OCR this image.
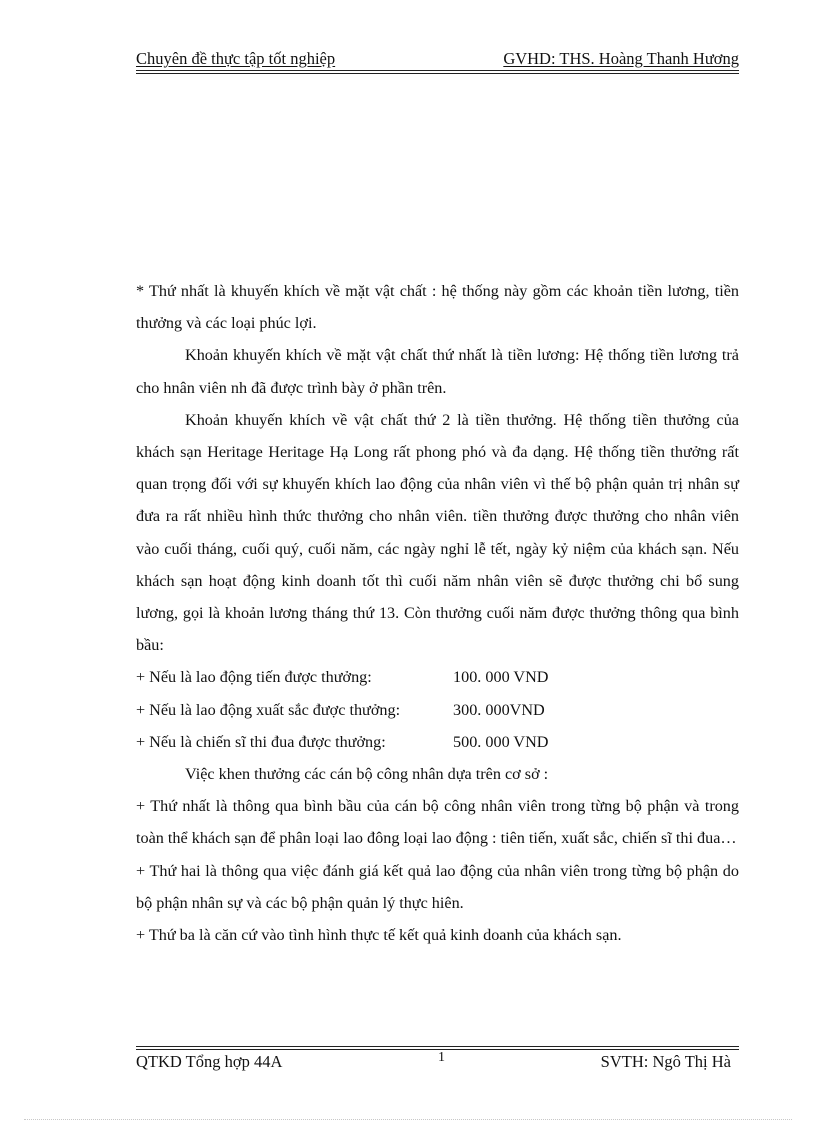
Chuyên đề thực tập tốt nghiệp	GVHD: THS. Hoàng Thanh Hương

* Thứ nhất là khuyến khích về mặt vật chất : hệ thống này gồm các khoản tiền lương, tiền thưởng và các loại phúc lợi.

Khoản khuyến khích về mặt vật chất thứ nhất là tiền lương: Hệ thống tiền lương trả cho hnân viên nh đã được trình bày ở phần trên.

Khoản khuyến khích về vật chất thứ 2 là tiền thưởng. Hệ thống tiền thưởng của khách sạn Heritage Heritage Hạ Long rất phong phó và đa dạng. Hệ thống tiền thưởng rất quan trọng đối với sự khuyến khích lao động của nhân viên vì thế bộ phận quản trị nhân sự đưa ra rất nhiều hình thức thưởng cho nhân viên. tiền thưởng được thưởng cho nhân viên vào cuối tháng, cuối quý, cuối năm, các ngày nghỉ lễ tết, ngày kỷ niệm của khách sạn. Nếu khách sạn hoạt động kinh doanh tốt thì cuối năm nhân viên sẽ được thưởng chi bổ sung lương, gọi là khoản lương tháng thứ 13. Còn thưởng cuối năm được thưởng thông qua bình bầu:

+ Nếu là lao động tiến được thưởng:	100. 000 VND
+ Nếu là lao động xuất sắc được thưởng:	300. 000VND
+ Nếu là chiến sĩ thi đua được thưởng:	500. 000 VND

Việc khen thưởng các cán bộ công nhân dựa trên cơ sở :

+ Thứ nhất là thông qua bình bầu của cán bộ công nhân viên trong từng bộ phận và trong toàn thể khách sạn để phân loại lao đông loại lao động : tiên tiến, xuất sắc, chiến sĩ thi đua…

+ Thứ hai là thông qua việc đánh giá kết quả lao động của nhân viên trong từng bộ phận do bộ phận nhân sự và các bộ phận quản lý thực hiên.

+ Thứ ba là căn cứ vào tình hình thực tế kết quả kinh doanh của khách sạn.

QTKD Tổng hợp 44A	1	SVTH: Ngô Thị Hà
